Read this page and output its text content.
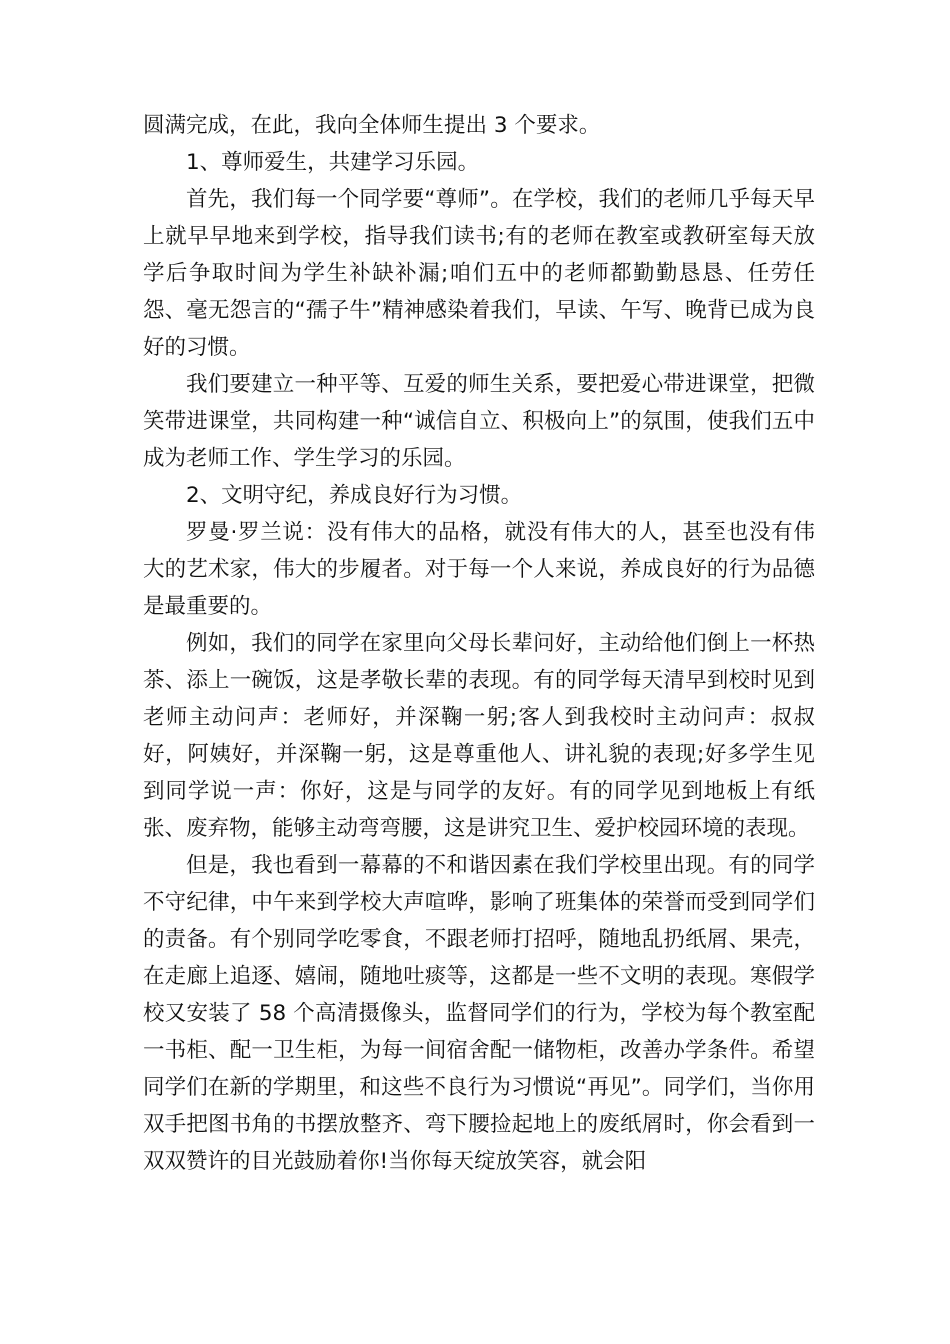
圆满完成，在此，我向全体师生提出 3 个要求。

1、尊师爱生，共建学习乐园。

首先，我们每一个同学要“尊师”。在学校，我们的老师几乎每天早上就早早地来到学校，指导我们读书;有的老师在教室或教研室每天放学后争取时间为学生补缺补漏;咱们五中的老师都勤勤恳恳、任劳任怨、毫无怨言的“孺子牛”精神感染着我们，早读、午写、晚背已成为良好的习惯。

我们要建立一种平等、互爱的师生关系，要把爱心带进课堂，把微笑带进课堂，共同构建一种“诚信自立、积极向上”的氛围，使我们五中成为老师工作、学生学习的乐园。

2、文明守纪，养成良好行为习惯。

罗曼·罗兰说：没有伟大的品格，就没有伟大的人，甚至也没有伟大的艺术家，伟大的步履者。对于每一个人来说，养成良好的行为品德是最重要的。

例如，我们的同学在家里向父母长辈问好，主动给他们倒上一杯热茶、添上一碗饭，这是孝敬长辈的表现。有的同学每天清早到校时见到老师主动问声：老师好，并深鞠一躬;客人到我校时主动问声：叔叔好，阿姨好，并深鞠一躬，这是尊重他人、讲礼貌的表现;好多学生见到同学说一声：你好，这是与同学的友好。有的同学见到地板上有纸张、废弃物，能够主动弯弯腰，这是讲究卫生、爱护校园环境的表现。

但是，我也看到一幕幕的不和谐因素在我们学校里出现。有的同学不守纪律，中午来到学校大声喧哗，影响了班集体的荣誉而受到同学们的责备。有个别同学吃零食，不跟老师打招呼，随地乱扔纸屑、果壳，在走廊上追逐、嬉闹，随地吐痰等，这都是一些不文明的表现。寒假学校又安装了 58 个高清摄像头，监督同学们的行为，学校为每个教室配一书柜、配一卫生柜，为每一间宿舍配一储物柜，改善办学条件。希望同学们在新的学期里，和这些不良行为习惯说“再见”。同学们，当你用双手把图书角的书摆放整齐、弯下腰捡起地上的废纸屑时，你会看到一双双赞许的目光鼓励着你!当你每天绽放笑容，就会阳
